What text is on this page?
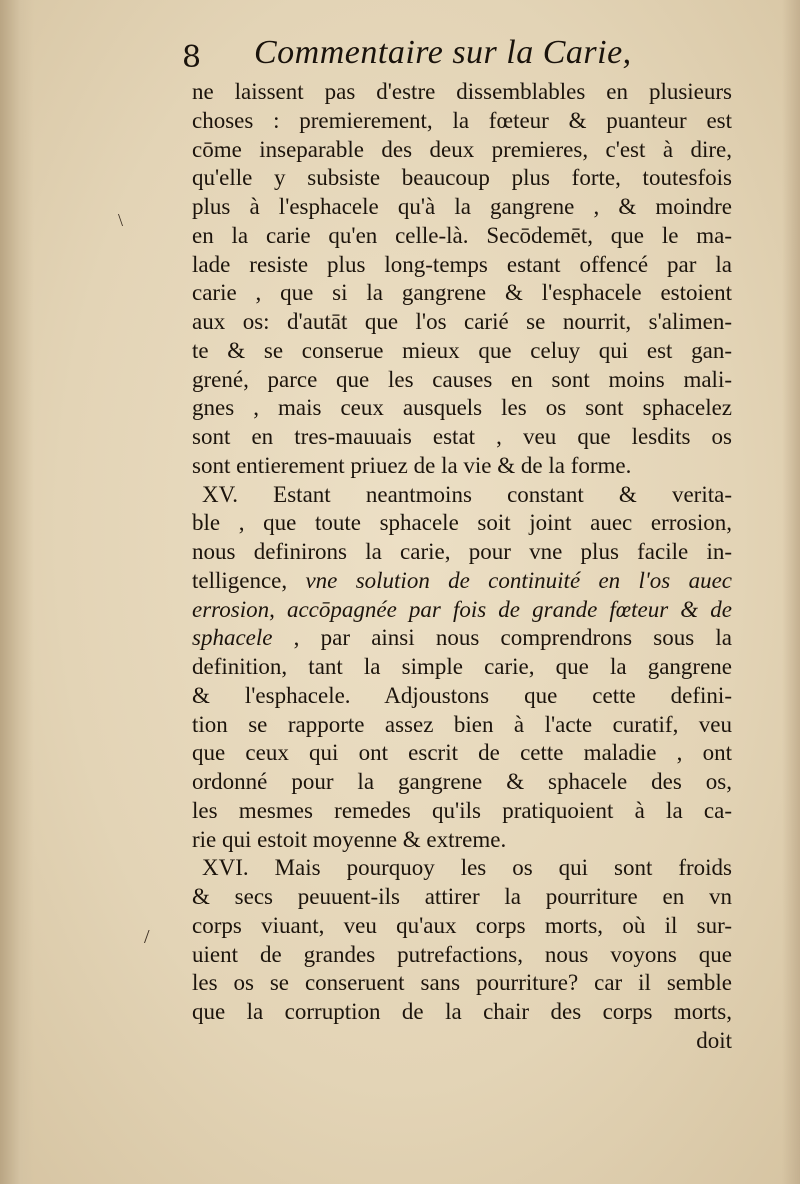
8 Commentaire sur la Carie,
ne laissent pas d'estre dissemblables en plusieurs
choses : premierement, la fœteur & puanteur est
cōme inseparable des deux premieres, c'est à dire,
qu'elle y subsiste beaucoup plus forte, toutesfois
plus à l'esphacele qu'à la gangrene , & moindre
en la carie qu'en celle-là. Secōdemēt, que le ma-
lade resiste plus long-temps estant offencé par la
carie , que si la gangrene & l'esphacele estoient
aux os: d'autāt que l'os carié se nourrit, s'alimen-
te & se conserue mieux que celuy qui est gan-
grené, parce que les causes en sont moins mali-
gnes , mais ceux ausquels les os sont sphacelez
sont en tres-mauuais estat , veu que lesdits os
sont entierement priuez de la vie & de la forme.
XV. Estant neantmoins constant & verita-
ble , que toute sphacele soit joint auec errosion,
nous definirons la carie, pour vne plus facile in-
telligence, vne solution de continuité en l'os auec
errosion, accōpagnée par fois de grande fœteur & de
sphacele , par ainsi nous comprendrons sous la
definition, tant la simple carie, que la gangrene
& l'esphacele. Adjoustons que cette defini-
tion se rapporte assez bien à l'acte curatif, veu
que ceux qui ont escrit de cette maladie , ont
ordonné pour la gangrene & sphacele des os,
les mesmes remedes qu'ils pratiquoient à la ca-
rie qui estoit moyenne & extreme.
XVI. Mais pourquoy les os qui sont froids
& secs peuuent-ils attirer la pourriture en vn
corps viuant, veu qu'aux corps morts, où il sur-
uient de grandes putrefactions, nous voyons que
les os se conseruent sans pourriture? car il semble
que la corruption de la chair des corps morts,
doit
\
/
